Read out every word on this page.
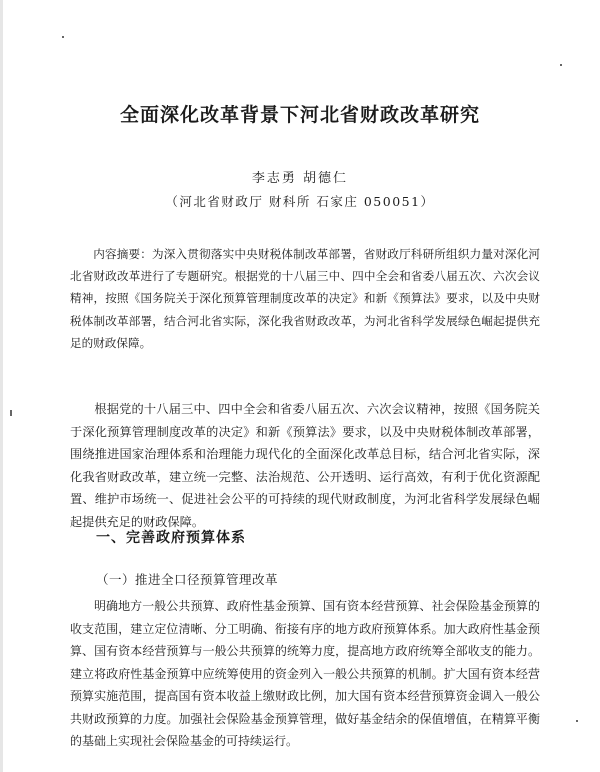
全面深化改革背景下河北省财政改革研究
李志勇 胡德仁
（河北省财政厅 财科所 石家庄 050051）

内容摘要：为深入贯彻落实中央财税体制改革部署，省财政厅科研所组织力量对深化河北省财政改革进行了专题研究。根据党的十八届三中、四中全会和省委八届五次、六次会议精神，按照《国务院关于深化预算管理制度改革的决定》和新《预算法》要求，以及中央财税体制改革部署，结合河北省实际，深化我省财政改革，为河北省科学发展绿色崛起提供充足的财政保障。

根据党的十八届三中、四中全会和省委八届五次、六次会议精神，按照《国务院关于深化预算管理制度改革的决定》和新《预算法》要求，以及中央财税体制改革部署，围绕推进国家治理体系和治理能力现代化的全面深化改革总目标，结合河北省实际，深化我省财政改革，建立统一完整、法治规范、公开透明、运行高效，有利于优化资源配置、维护市场统一、促进社会公平的可持续的现代财政制度，为河北省科学发展绿色崛起提供充足的财政保障。

一、完善政府预算体系
（一）推进全口径预算管理改革

明确地方一般公共预算、政府性基金预算、国有资本经营预算、社会保险基金预算的收支范围，建立定位清晰、分工明确、衔接有序的地方政府预算体系。加大政府性基金预算、国有资本经营预算与一般公共预算的统筹力度，提高地方政府统筹全部收支的能力。建立将政府性基金预算中应统筹使用的资金列入一般公共预算的机制。扩大国有资本经营预算实施范围，提高国有资本收益上缴财政比例，加大国有资本经营预算资金调入一般公共财政预算的力度。加强社会保险基金预算管理，做好基金结余的保值增值，在精算平衡的基础上实现社会保险基金的可持续运行。
